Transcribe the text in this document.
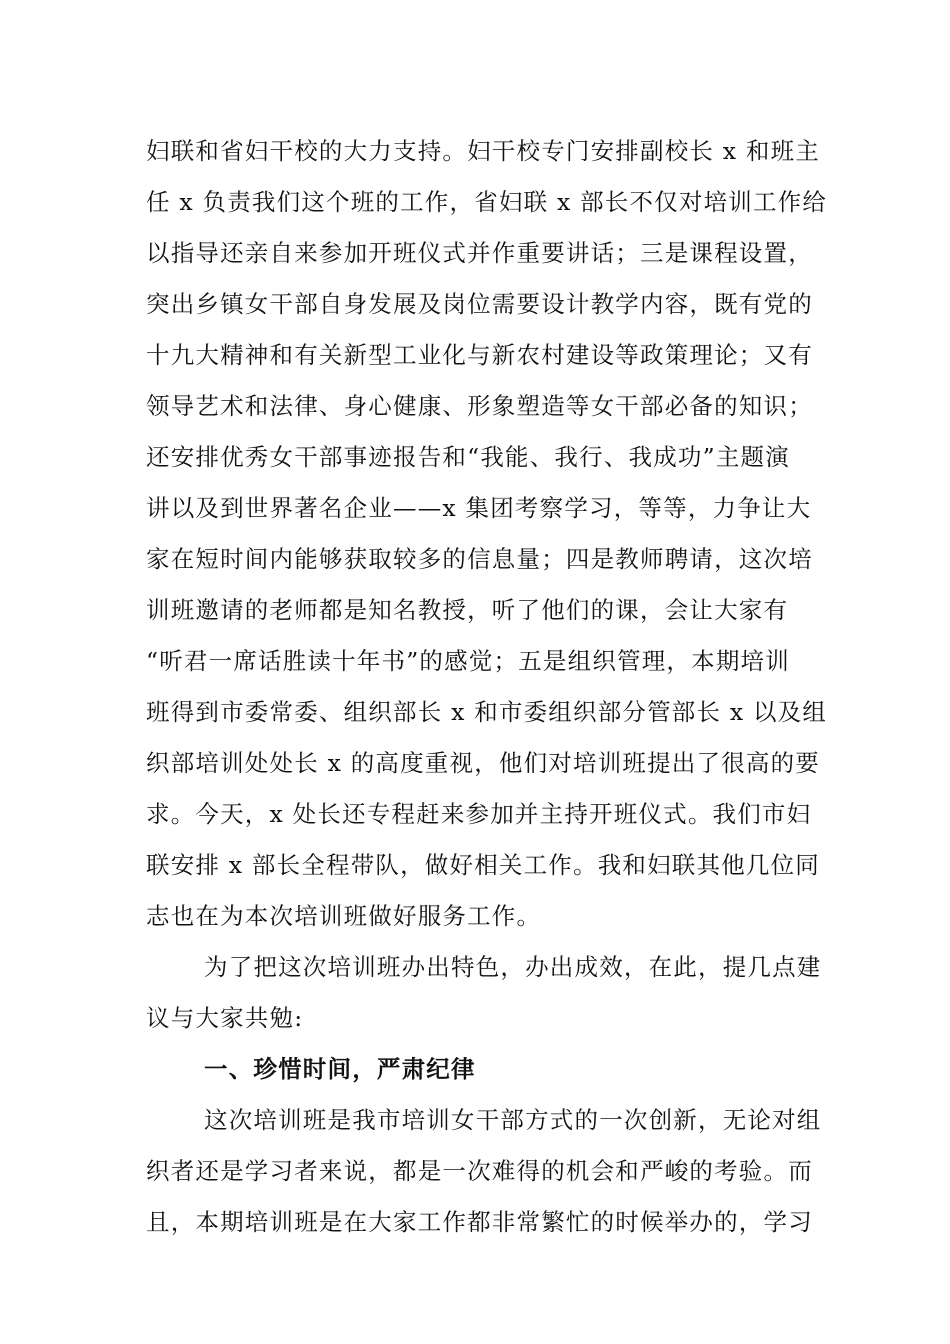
妇联和省妇干校的大力支持。妇干校专门安排副校长 x 和班主
任 x 负责我们这个班的工作，省妇联 x 部长不仅对培训工作给
以指导还亲自来参加开班仪式并作重要讲话；三是课程设置，
突出乡镇女干部自身发展及岗位需要设计教学内容，既有党的
十九大精神和有关新型工业化与新农村建设等政策理论；又有
领导艺术和法律、身心健康、形象塑造等女干部必备的知识；
还安排优秀女干部事迹报告和“我能、我行、我成功”主题演
讲以及到世界著名企业——x 集团考察学习，等等，力争让大
家在短时间内能够获取较多的信息量；四是教师聘请，这次培
训班邀请的老师都是知名教授，听了他们的课，会让大家有
“听君一席话胜读十年书”的感觉；五是组织管理，本期培训
班得到市委常委、组织部长 x 和市委组织部分管部长 x 以及组
织部培训处处长 x 的高度重视，他们对培训班提出了很高的要
求。今天，x 处长还专程赶来参加并主持开班仪式。我们市妇
联安排 x 部长全程带队，做好相关工作。我和妇联其他几位同
志也在为本次培训班做好服务工作。
为了把这次培训班办出特色，办出成效，在此，提几点建
议与大家共勉:
一、珍惜时间，严肃纪律
这次培训班是我市培训女干部方式的一次创新，无论对组
织者还是学习者来说，都是一次难得的机会和严峻的考验。而
且，本期培训班是在大家工作都非常繁忙的时候举办的，学习
